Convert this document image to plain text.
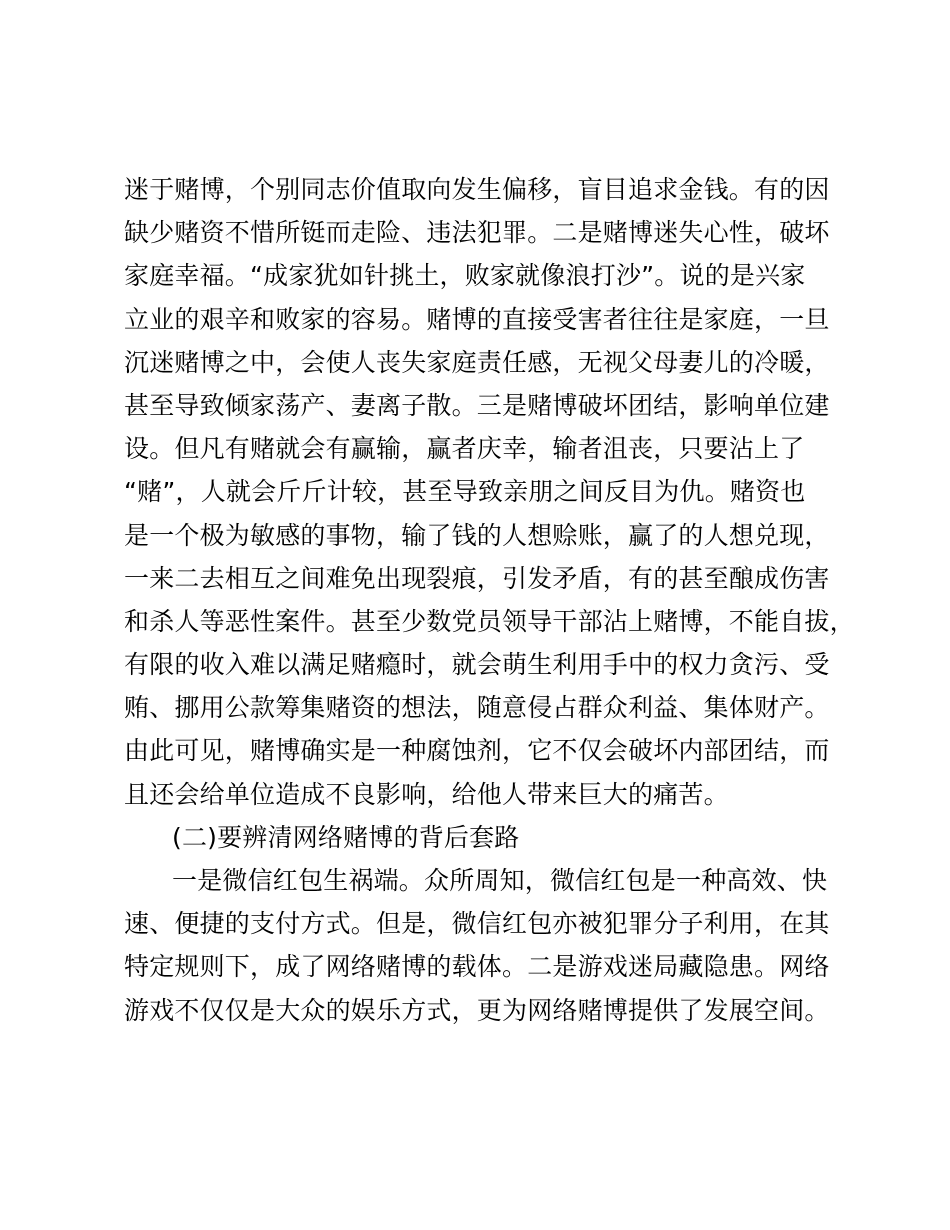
迷于赌博，个别同志价值取向发生偏移，盲目追求金钱。有的因
缺少赌资不惜所铤而走险、违法犯罪。二是赌博迷失心性，破坏
家庭幸福。“成家犹如针挑土，败家就像浪打沙”。说的是兴家
立业的艰辛和败家的容易。赌博的直接受害者往往是家庭，一旦
沉迷赌博之中，会使人丧失家庭责任感，无视父母妻儿的冷暖，
甚至导致倾家荡产、妻离子散。三是赌博破坏团结，影响单位建
设。但凡有赌就会有赢输，赢者庆幸，输者沮丧，只要沾上了
“赌”，人就会斤斤计较，甚至导致亲朋之间反目为仇。赌资也
是一个极为敏感的事物，输了钱的人想赊账，赢了的人想兑现，
一来二去相互之间难免出现裂痕，引发矛盾，有的甚至酿成伤害
和杀人等恶性案件。甚至少数党员领导干部沾上赌博，不能自拔，
有限的收入难以满足赌瘾时，就会萌生利用手中的权力贪污、受
贿、挪用公款筹集赌资的想法，随意侵占群众利益、集体财产。
由此可见，赌博确实是一种腐蚀剂，它不仅会破坏内部团结，而
且还会给单位造成不良影响，给他人带来巨大的痛苦。
(二)要辨清网络赌博的背后套路
一是微信红包生祸端。众所周知，微信红包是一种高效、快
速、便捷的支付方式。但是，微信红包亦被犯罪分子利用，在其
特定规则下，成了网络赌博的载体。二是游戏迷局藏隐患。网络
游戏不仅仅是大众的娱乐方式，更为网络赌博提供了发展空间。
